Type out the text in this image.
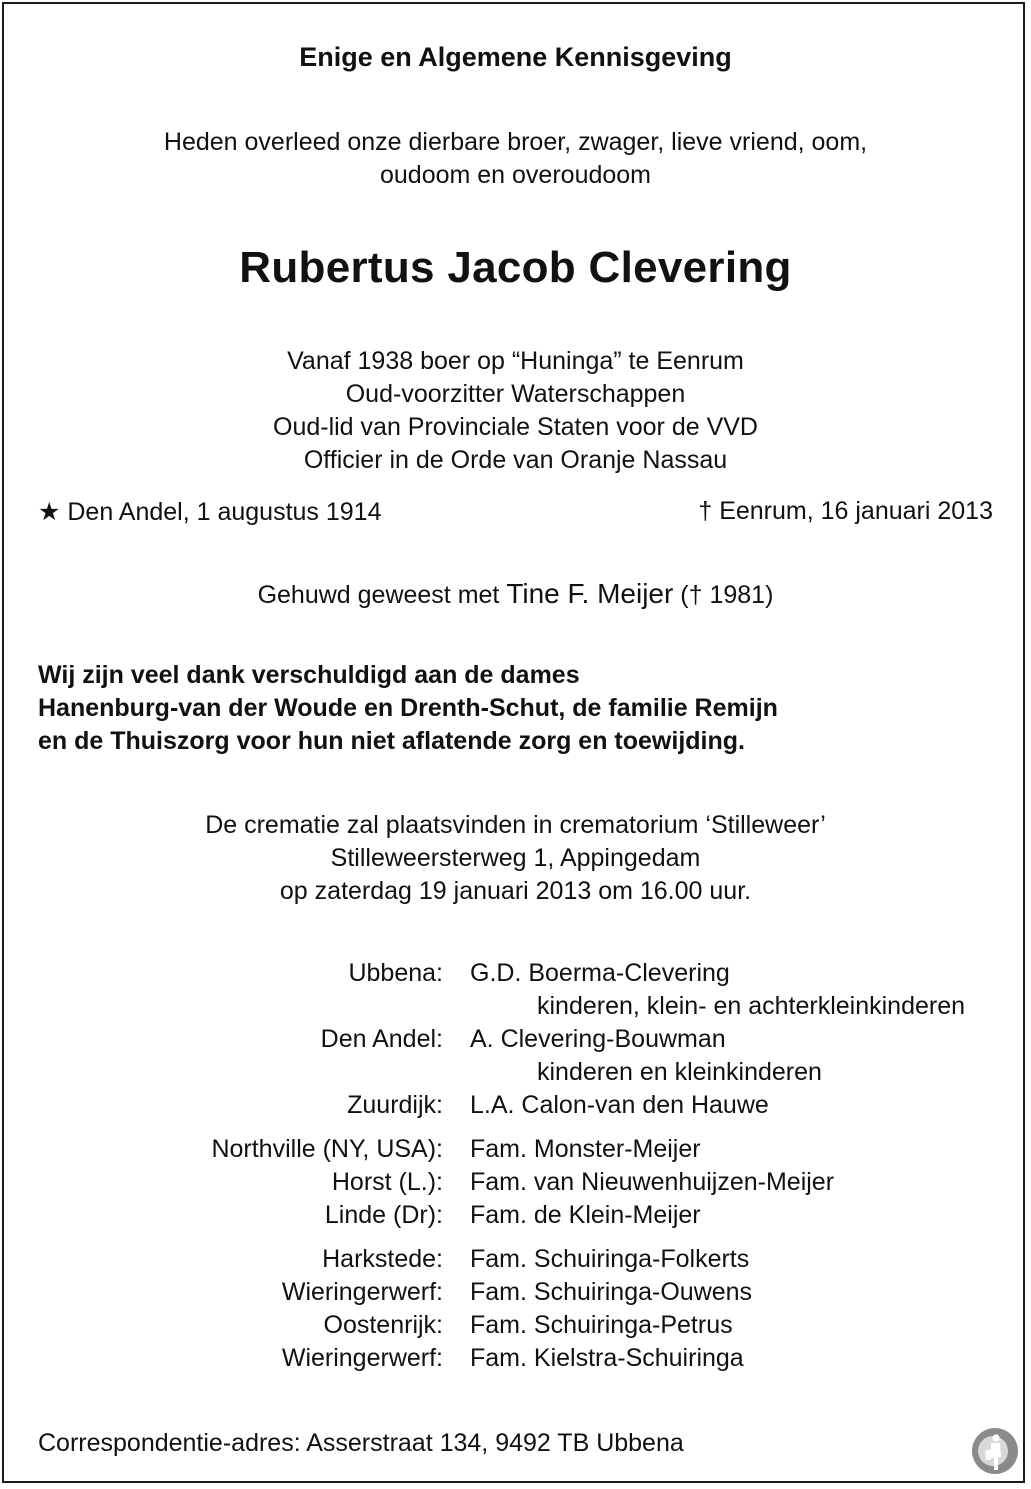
Enige en Algemene Kennisgeving
Heden overleed onze dierbare broer, zwager, lieve vriend, oom,
oudoom en overoudoom
Rubertus Jacob Clevering
Vanaf 1938 boer op “Huninga” te Eenrum
Oud-voorzitter Waterschappen
Oud-lid van Provinciale Staten voor de VVD
Officier in de Orde van Oranje Nassau
★ Den Andel, 1 augustus 1914	† Eenrum, 16 januari 2013
Gehuwd geweest met Tine F. Meijer († 1981)
Wij zijn veel dank verschuldigd aan de dames
Hanenburg-van der Woude en Drenth-Schut, de familie Remijn
en de Thuiszorg voor hun niet aflatende zorg en toewijding.
De crematie zal plaatsvinden in crematorium ‘Stilleweer’
Stilleweersterweg 1, Appingedam
op zaterdag 19 januari 2013 om 16.00 uur.
Ubbena: G.D. Boerma-Clevering
kinderen, klein- en achterkleinkinderen
Den Andel: A. Clevering-Bouwman
kinderen en kleinkinderen
Zuurdijk: L.A. Calon-van den Hauwe
Northville (NY, USA): Fam. Monster-Meijer
Horst (L.): Fam. van Nieuwenhuijzen-Meijer
Linde (Dr): Fam. de Klein-Meijer
Harkstede: Fam. Schuiringa-Folkerts
Wieringerwerf: Fam. Schuiringa-Ouwens
Oostenrijk: Fam. Schuiringa-Petrus
Wieringerwerf: Fam. Kielstra-Schuiringa
Correspondentie-adres: Asserstraat 134, 9492 TB Ubbena
